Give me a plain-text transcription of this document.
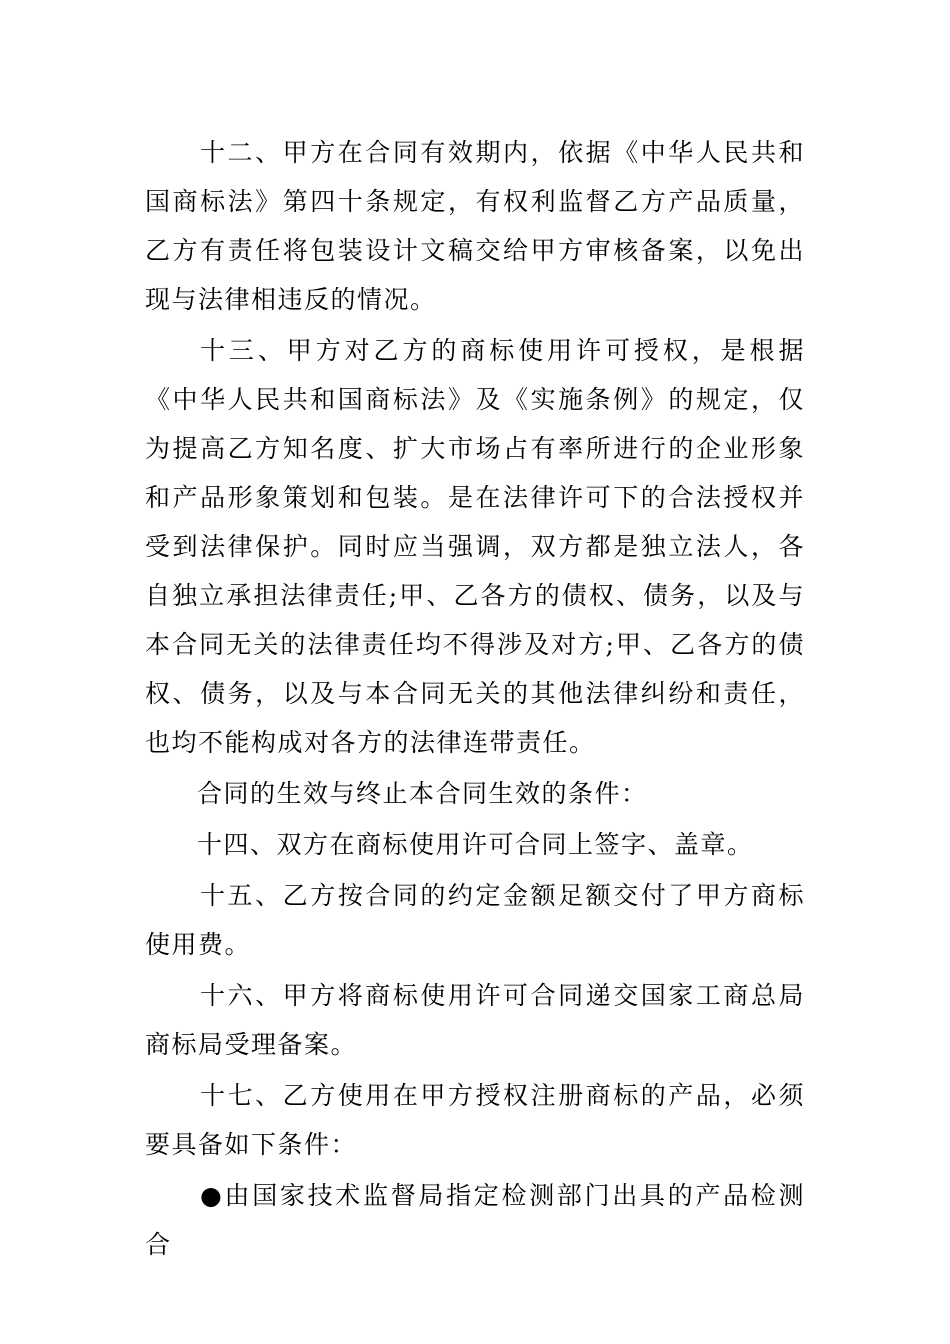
十二、甲方在合同有效期内，依据《中华人民共和国商标法》第四十条规定，有权利监督乙方产品质量，乙方有责任将包装设计文稿交给甲方审核备案，以免出现与法律相违反的情况。

十三、甲方对乙方的商标使用许可授权，是根据《中华人民共和国商标法》及《实施条例》的规定，仅为提高乙方知名度、扩大市场占有率所进行的企业形象和产品形象策划和包装。是在法律许可下的合法授权并受到法律保护。同时应当强调，双方都是独立法人，各自独立承担法律责任;甲、乙各方的债权、债务，以及与本合同无关的法律责任均不得涉及对方;甲、乙各方的债权、债务，以及与本合同无关的其他法律纠纷和责任，也均不能构成对各方的法律连带责任。

合同的生效与终止本合同生效的条件：

十四、双方在商标使用许可合同上签字、盖章。

十五、乙方按合同的约定金额足额交付了甲方商标使用费。

十六、甲方将商标使用许可合同递交国家工商总局商标局受理备案。

十七、乙方使用在甲方授权注册商标的产品，必须要具备如下条件：

●由国家技术监督局指定检测部门出具的产品检测合
